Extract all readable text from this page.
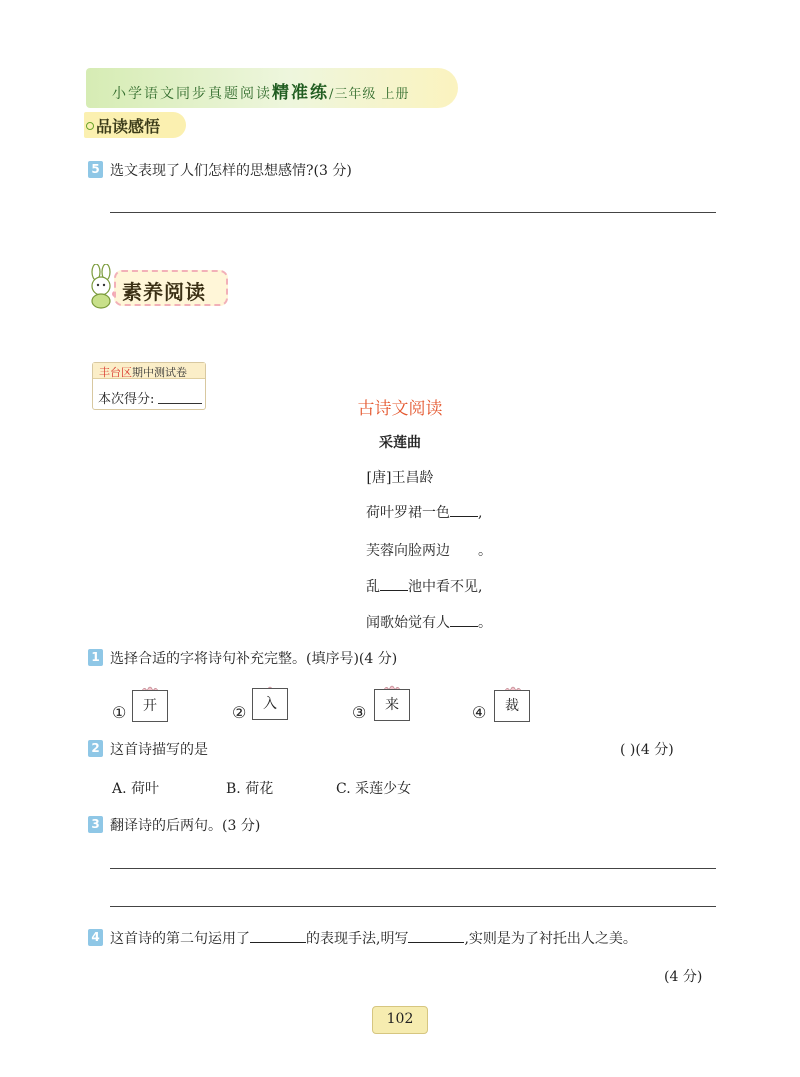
小学语文同步真题阅读精准练/三年级 上册
品读感悟
5 选文表现了人们怎样的思想感情?(3 分)
素养阅读
丰台区期中测试卷
本次得分:	古诗文阅读
采莲曲
[唐]王昌龄
荷叶罗裙一色 ,
芙蓉向脸两边 。
乱 池中看不见,
闻歌始觉有人 。
1 选择合适的字将诗句补充完整。(填序号)(4 分)
①	开	②	入	③	来	④	裁
2 这首诗描写的是	( )(4 分)
A. 荷叶	B. 荷花	C. 采莲少女
3 翻译诗的后两句。(3 分)
4 这首诗的第二句运用了	的表现手法,明写	,实则是为了衬托出人之美。
(4 分)
102
